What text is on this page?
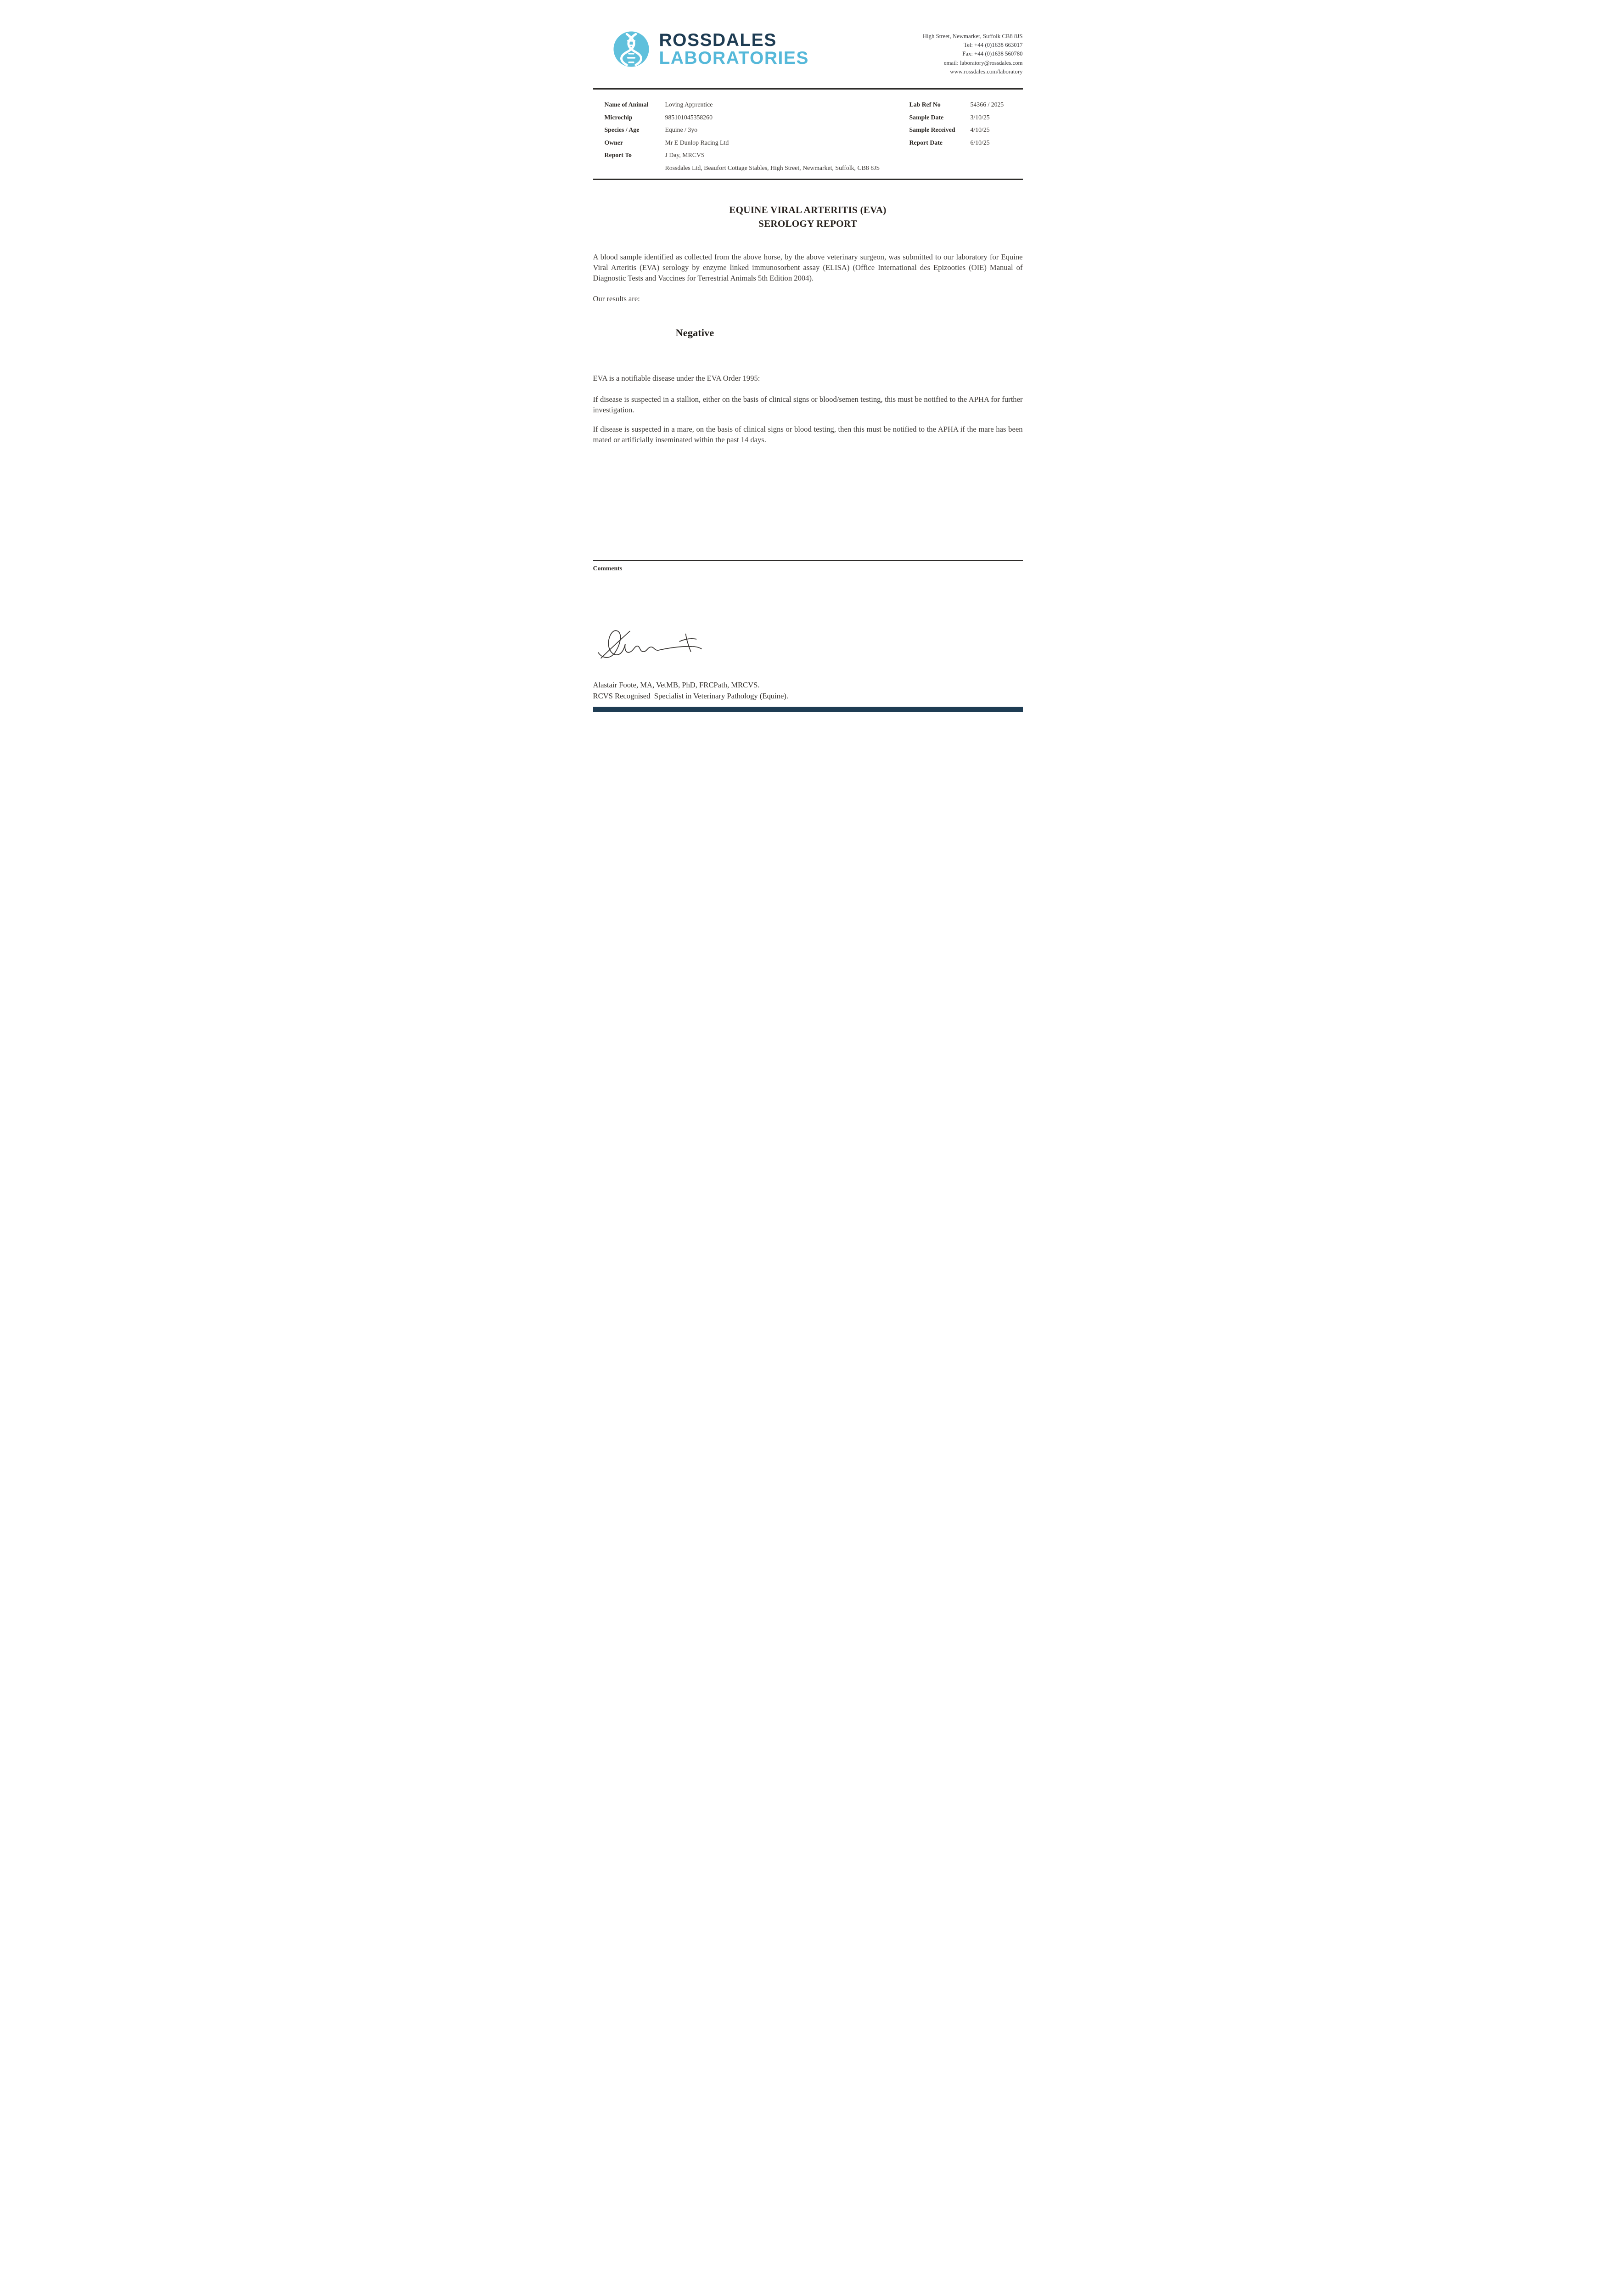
ROSSDALES
LABORATORIES
High Street, Newmarket, Suffolk CB8 8JS
Tel: +44 (0)1638 663017
Fax: +44 (0)1638 560780
email: laboratory@rossdales.com
www.rossdales.com/laboratory
Name of Animal	Loving Apprentice
Microchip	985101045358260
Species / Age	Equine / 3yo
Owner	Mr E Dunlop Racing Ltd
Report To	J Day, MRCVS
Rossdales Ltd, Beaufort Cottage Stables, High Street, Newmarket, Suffolk, CB8 8JS
Lab Ref No	54366 / 2025
Sample Date	3/10/25
Sample Received	4/10/25
Report Date	6/10/25
EQUINE VIRAL ARTERITIS (EVA)
SEROLOGY REPORT
A blood sample identified as collected from the above horse, by the above veterinary surgeon, was submitted to our laboratory for Equine Viral Arteritis (EVA) serology by enzyme linked immunosorbent assay (ELISA) (Office International des Epizooties (OIE) Manual of Diagnostic Tests and Vaccines for Terrestrial Animals 5th Edition 2004).
Our results are:
Negative
EVA is a notifiable disease under the EVA Order 1995:
If disease is suspected in a stallion, either on the basis of clinical signs or blood/semen testing, this must be notified to the APHA for further investigation.
If disease is suspected in a mare, on the basis of clinical signs or blood testing, then this must be notified to the APHA if the mare has been mated or artificially inseminated within the past 14 days.
Comments
Alastair Foote, MA, VetMB, PhD, FRCPath, MRCVS.
RCVS Recognised  Specialist in Veterinary Pathology (Equine).
